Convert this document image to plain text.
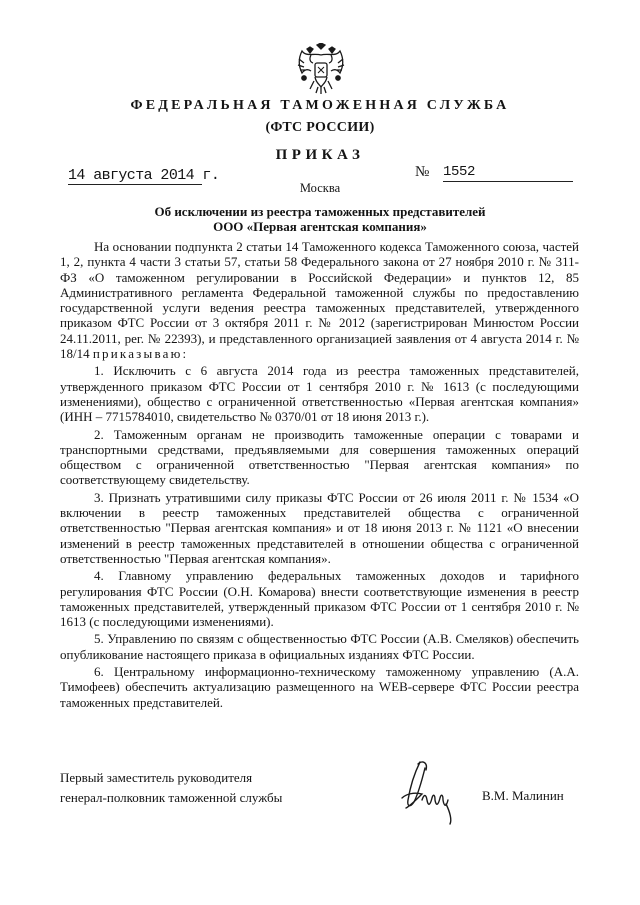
ФЕДЕРАЛЬНАЯ ТАМОЖЕННАЯ СЛУЖБА
(ФТС РОССИИ)
ПРИКАЗ
14 августа 2014 г.	№ 1552
Москва
Об исключении из реестра таможенных представителей
ООО «Первая агентская компания»

На основании подпункта 2 статьи 14 Таможенного кодекса Таможенного союза, частей 1, 2, пункта 4 части 3 статьи 57, статьи 58 Федерального закона от 27 ноября 2010 г. № 311-ФЗ «О таможенном регулировании в Российской Федерации» и пунктов 12, 85 Административного регламента Федеральной таможенной службы по предоставлению государственной услуги ведения реестра таможенных представителей, утвержденного приказом ФТС России от 3 октября 2011 г. № 2012 (зарегистрирован Минюстом России 24.11.2011, рег. № 22393), и представленного организацией заявления от 4 августа 2014 г. № 18/14 приказываю:

1. Исключить с 6 августа 2014 года из реестра таможенных представителей, утвержденного приказом ФТС России от 1 сентября 2010 г. № 1613 (с последующими изменениями), общество с ограниченной ответственностью «Первая агентская компания» (ИНН – 7715784010, свидетельство № 0370/01 от 18 июня 2013 г.).

2. Таможенным органам не производить таможенные операции с товарами и транспортными средствами, предъявляемыми для совершения таможенных операций обществом с ограниченной ответственностью "Первая агентская компания» по соответствующему свидетельству.

3. Признать утратившими силу приказы ФТС России от 26 июля 2011 г. № 1534 «О включении в реестр таможенных представителей общества с ограниченной ответственностью "Первая агентская компания» и от 18 июня 2013 г. № 1121 «О внесении изменений в реестр таможенных представителей в отношении общества с ограниченной ответственностью "Первая агентская компания».

4. Главному управлению федеральных таможенных доходов и тарифного регулирования ФТС России (О.Н. Комарова) внести соответствующие изменения в реестр таможенных представителей, утвержденный приказом ФТС России от 1 сентября 2010 г. № 1613 (с последующими изменениями).

5. Управлению по связям с общественностью ФТС России (А.В. Смеляков) обеспечить опубликование настоящего приказа в официальных изданиях ФТС России.

6. Центральному информационно-техническому таможенному управлению (А.А. Тимофеев) обеспечить актуализацию размещенного на WEB-сервере ФТС России реестра таможенных представителей.

Первый заместитель руководителя
генерал-полковник таможенной службы	В.М. Малинин
